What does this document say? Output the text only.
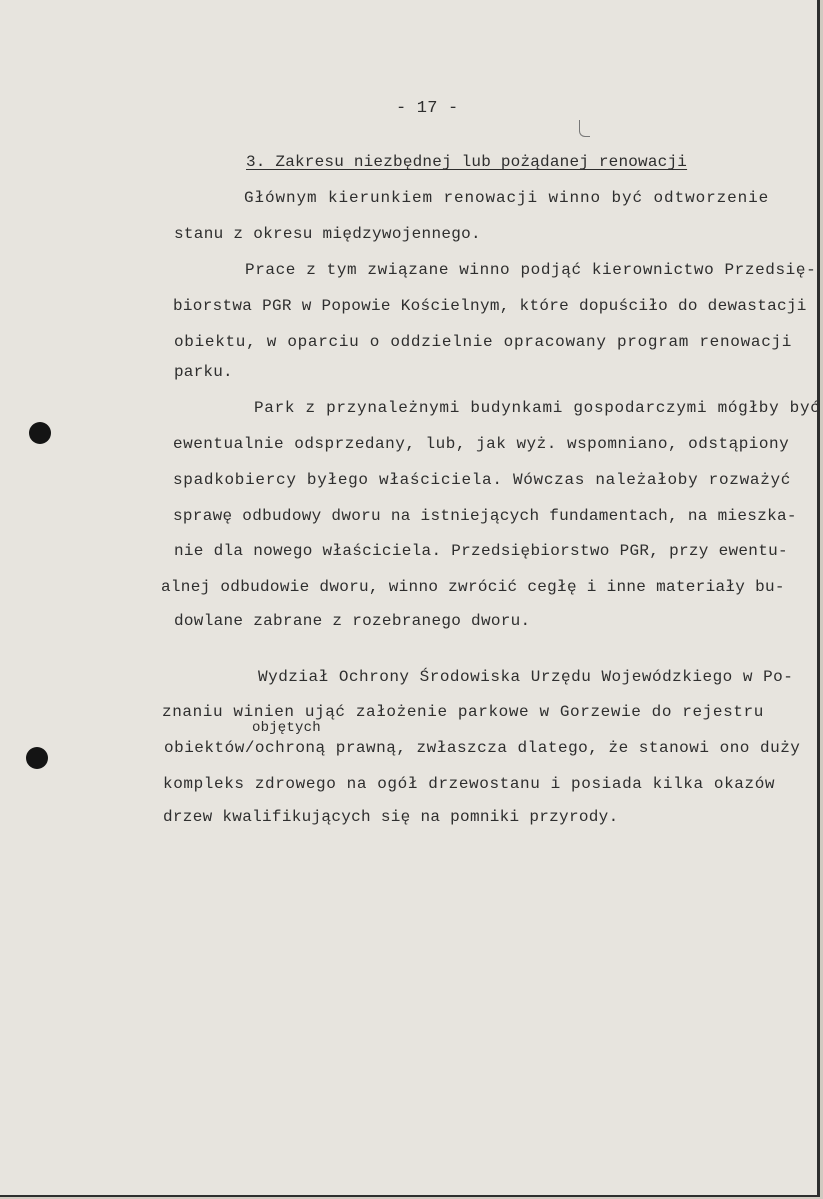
- 17 -
3. Zakresu niezbędnej lub pożądanej renowacji
Głównym kierunkiem renowacji winno być odtworzenie
stanu z okresu międzywojennego.
Prace z tym związane winno podjąć kierownictwo Przedsię-
biorstwa PGR w Popowie Kościelnym, które dopuściło do dewastacji
obiektu, w oparciu o oddzielnie opracowany program renowacji
parku.
Park z przynależnymi budynkami gospodarczymi mógłby być
ewentualnie odsprzedany, lub, jak wyż. wspomniano, odstąpiony
spadkobiercy byłego właściciela. Wówczas należałoby rozważyć
sprawę odbudowy dworu na istniejących fundamentach, na mieszka-
nie dla nowego właściciela. Przedsiębiorstwo PGR, przy ewentu-
alnej odbudowie dworu, winno zwrócić cegłę i inne materiały bu-
dowlane zabrane z rozebranego dworu.
Wydział Ochrony Środowiska Urzędu Wojewódzkiego w Po-
znaniu winien ująć założenie parkowe w Gorzewie do rejestru
objętych
obiektów/ochroną prawną, zwłaszcza dlatego, że stanowi ono duży
kompleks zdrowego na ogół drzewostanu i posiada kilka okazów
drzew kwalifikujących się na pomniki przyrody.
